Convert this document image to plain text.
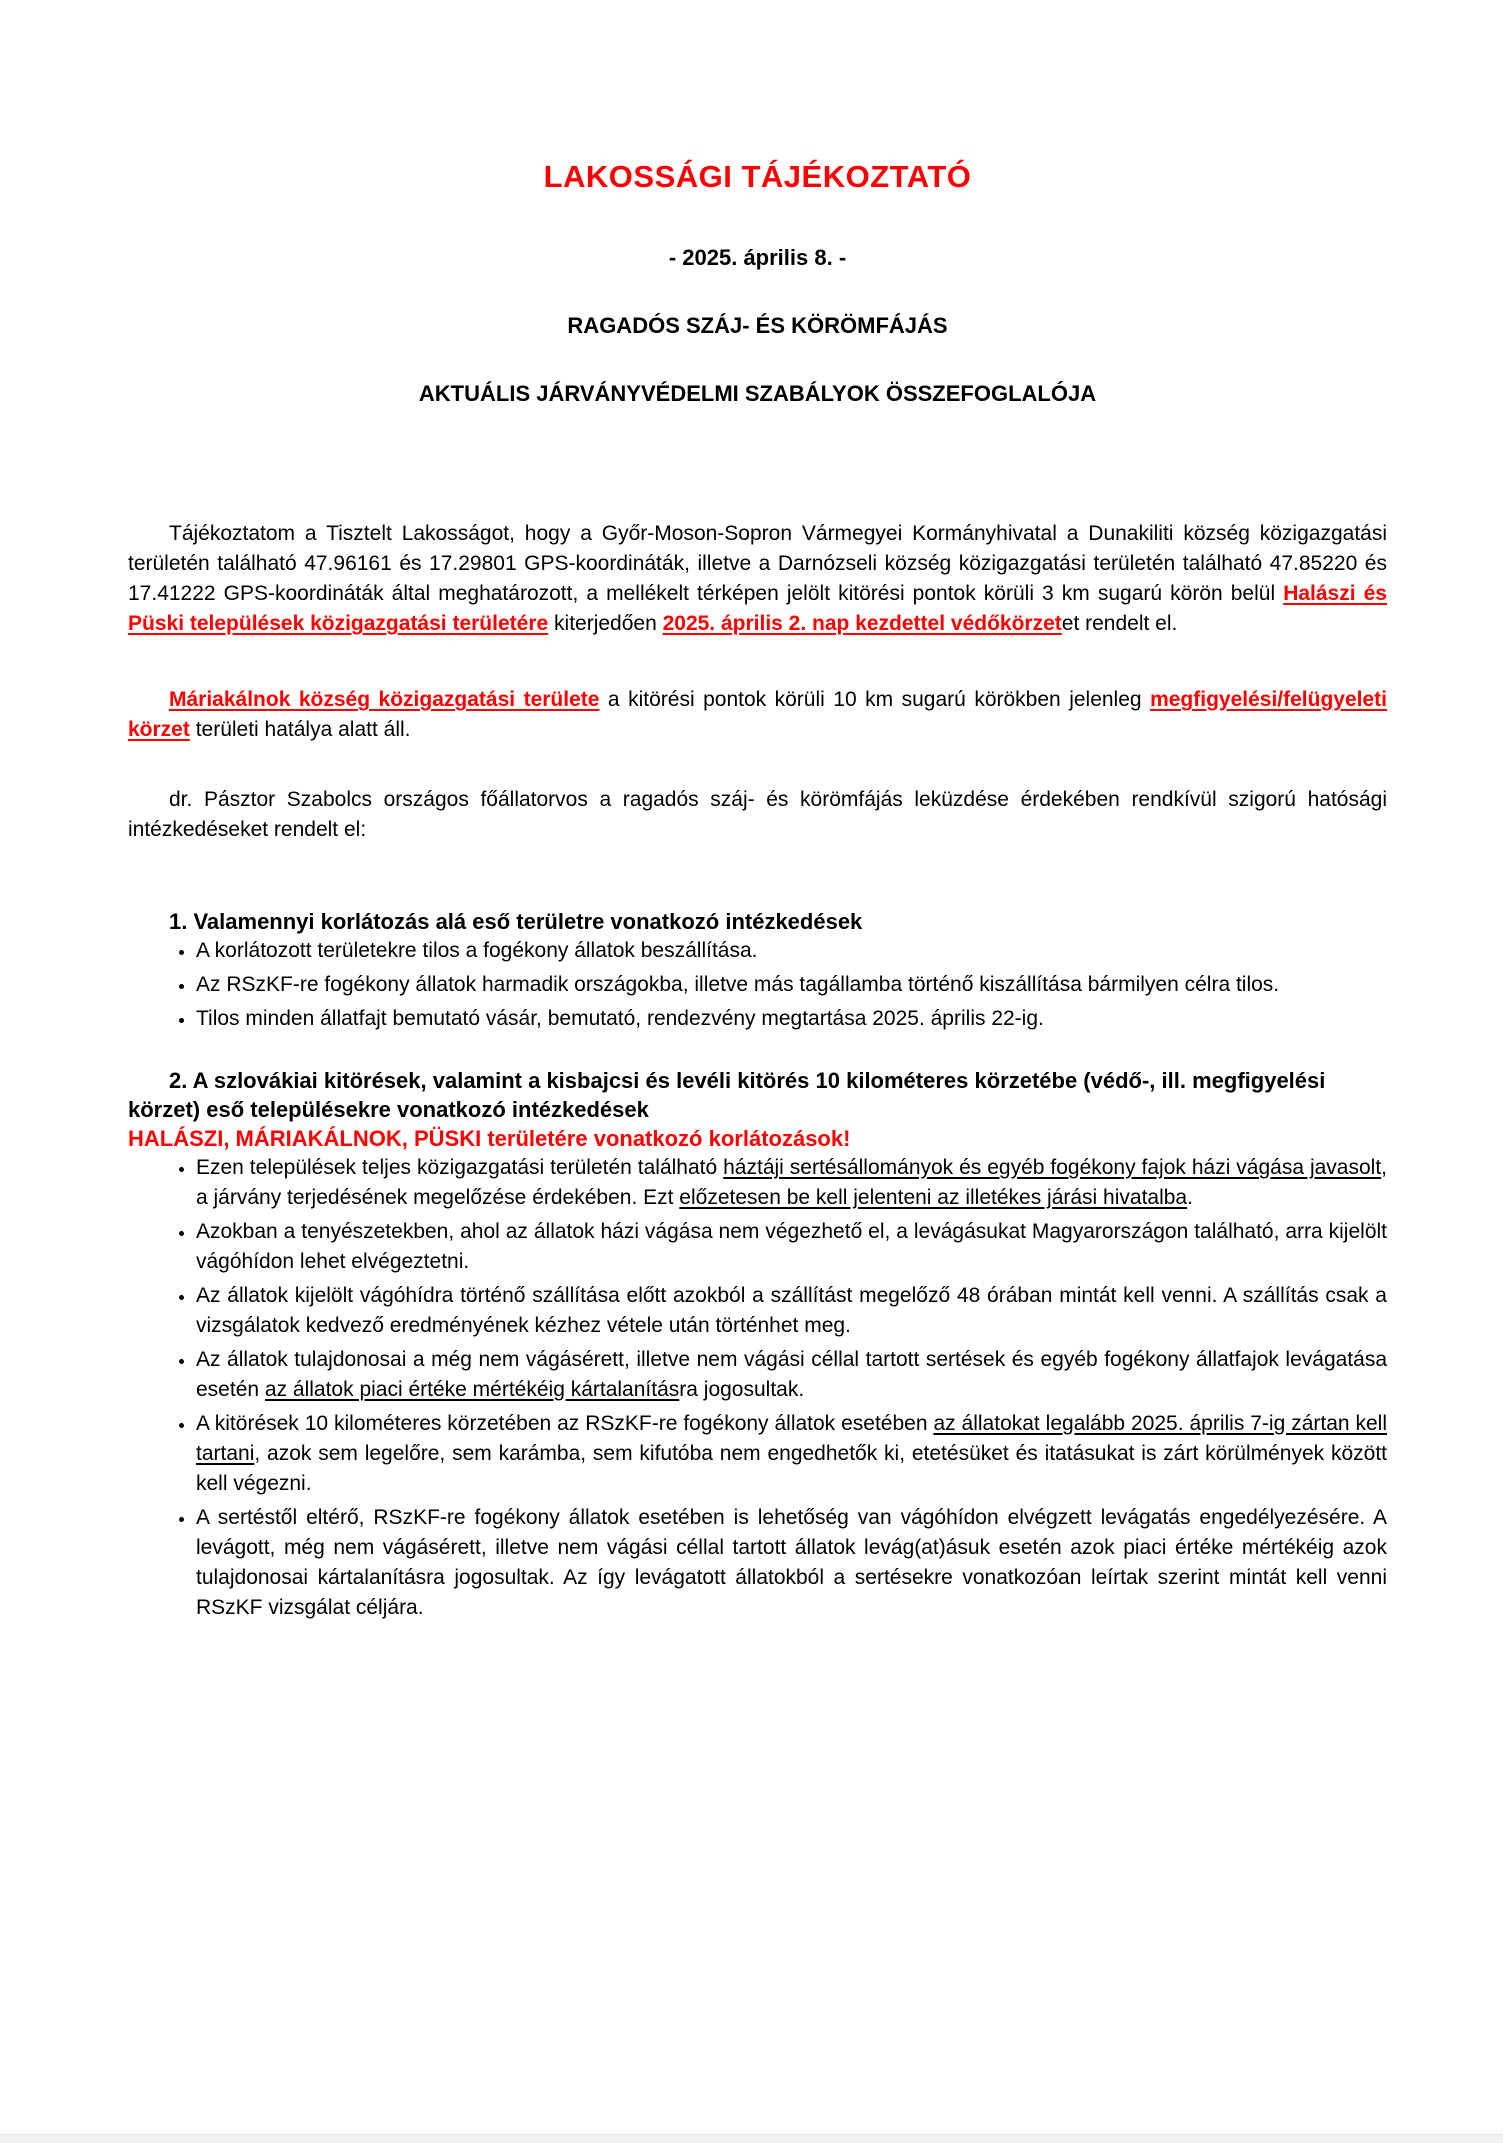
LAKOSSÁGI TÁJÉKOZTATÓ

- 2025. április 8. -

RAGADÓS SZÁJ- ÉS KÖRÖMFÁJÁS

AKTUÁLIS JÁRVÁNYVÉDELMI SZABÁLYOK ÖSSZEFOGLALÓJA

Tájékoztatom a Tisztelt Lakosságot, hogy a Győr-Moson-Sopron Vármegyei Kormányhivatal a Dunakiliti község közigazgatási területén található 47.96161 és 17.29801 GPS-koordináták, illetve a Darnózseli község közigazgatási területén található 47.85220 és 17.41222 GPS-koordináták által meghatározott, a mellékelt térképen jelölt kitörési pontok körüli 3 km sugarú körön belül Halászi és Püski települések közigazgatási területére kiterjedően 2025. április 2. nap kezdettel védőkörzetet rendelt el.

Máriakálnok község közigazgatási területe a kitörési pontok körüli 10 km sugarú körökben jelenleg megfigyelési/felügyeleti körzet területi hatálya alatt áll.

dr. Pásztor Szabolcs országos főállatorvos a ragadós száj- és körömfájás leküzdése érdekében rendkívül szigorú hatósági intézkedéseket rendelt el:

1. Valamennyi korlátozás alá eső területre vonatkozó intézkedések
• A korlátozott területekre tilos a fogékony állatok beszállítása.
• Az RSzKF-re fogékony állatok harmadik országokba, illetve más tagállamba történő kiszállítása bármilyen célra tilos.
• Tilos minden állatfajt bemutató vásár, bemutató, rendezvény megtartása 2025. április 22-ig.
2. A szlovákiai kitörések, valamint a kisbajcsi és levéli kitörés 10 kilométeres körzetébe (védő-, ill. megfigyelési körzet) eső településekre vonatkozó intézkedések

HALÁSZI, MÁRIAKÁLNOK, PÜSKI területére vonatkozó korlátozások!

• Ezen települések teljes közigazgatási területén található háztáji sertésállományok és egyéb fogékony fajok házi vágása javasolt, a járvány terjedésének megelőzése érdekében. Ezt előzetesen be kell jelenteni az illetékes járási hivatalba.
• Azokban a tenyészetekben, ahol az állatok házi vágása nem végezhető el, a levágásukat Magyarországon található, arra kijelölt vágóhídon lehet elvégeztetni.
• Az állatok kijelölt vágóhídra történő szállítása előtt azokból a szállítást megelőző 48 órában mintát kell venni. A szállítás csak a vizsgálatok kedvező eredményének kézhez vétele után történhet meg.
• Az állatok tulajdonosai a még nem vágásérett, illetve nem vágási céllal tartott sertések és egyéb fogékony állatfajok levágatása esetén az állatok piaci értéke mértékéig kártalanításra jogosultak.
• A kitörések 10 kilométeres körzetében az RSzKF-re fogékony állatok esetében az állatokat legalább 2025. április 7-ig zártan kell tartani, azok sem legelőre, sem karámba, sem kifutóba nem engedhetők ki, etetésüket és itatásukat is zárt körülmények között kell végezni.
• A sertéstől eltérő, RSzKF-re fogékony állatok esetében is lehetőség van vágóhídon elvégzett levágatás engedélyezésére. A levágott, még nem vágásérett, illetve nem vágási céllal tartott állatok levág(at)ásuk esetén azok piaci értéke mértékéig azok tulajdonosai kártalanításra jogosultak. Az így levágatott állatokból a sertésekre vonatkozóan leírtak szerint mintát kell venni RSzKF vizsgálat céljára.
